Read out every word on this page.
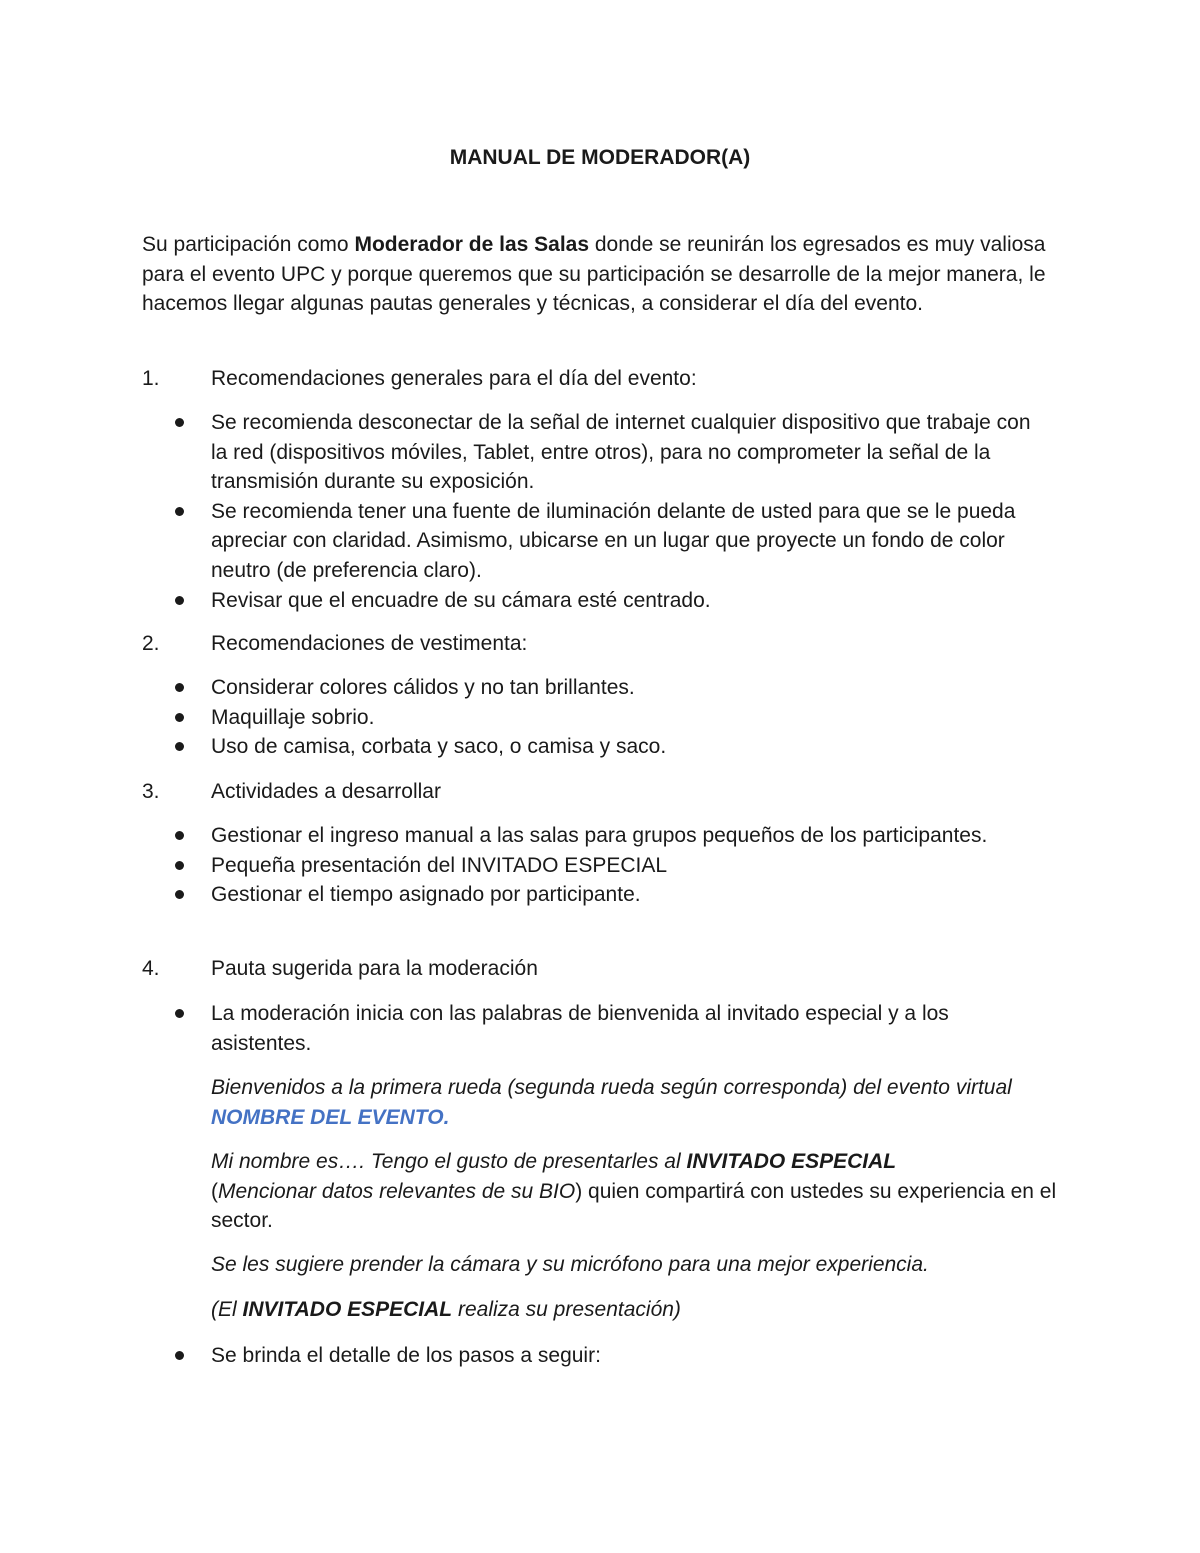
MANUAL DE MODERADOR(A)

Su participación como Moderador de las Salas donde se reunirán los egresados es muy valiosa para el evento UPC y porque queremos que su participación se desarrolle de la mejor manera, le hacemos llegar algunas pautas generales y técnicas, a considerar el día del evento.

1. Recomendaciones generales para el día del evento:
Se recomienda desconectar de la señal de internet cualquier dispositivo que trabaje con la red (dispositivos móviles, Tablet, entre otros), para no comprometer la señal de la transmisión durante su exposición.
Se recomienda tener una fuente de iluminación delante de usted para que se le pueda apreciar con claridad. Asimismo, ubicarse en un lugar que proyecte un fondo de color neutro (de preferencia claro).
Revisar que el encuadre de su cámara esté centrado.
2. Recomendaciones de vestimenta:
Considerar colores cálidos y no tan brillantes.
Maquillaje sobrio.
Uso de camisa, corbata y saco, o camisa y saco.
3. Actividades a desarrollar
Gestionar el ingreso manual a las salas para grupos pequeños de los participantes.
Pequeña presentación del INVITADO ESPECIAL
Gestionar el tiempo asignado por participante.
4. Pauta sugerida para la moderación
La moderación inicia con las palabras de bienvenida al invitado especial y a los asistentes.

Bienvenidos a la primera rueda (segunda rueda según corresponda) del evento virtual NOMBRE DEL EVENTO.

Mi nombre es…. Tengo el gusto de presentarles al INVITADO ESPECIAL
(Mencionar datos relevantes de su BIO) quien compartirá con ustedes su experiencia en el sector.

Se les sugiere prender la cámara y su micrófono para una mejor experiencia.

(El INVITADO ESPECIAL realiza su presentación)

Se brinda el detalle de los pasos a seguir:
